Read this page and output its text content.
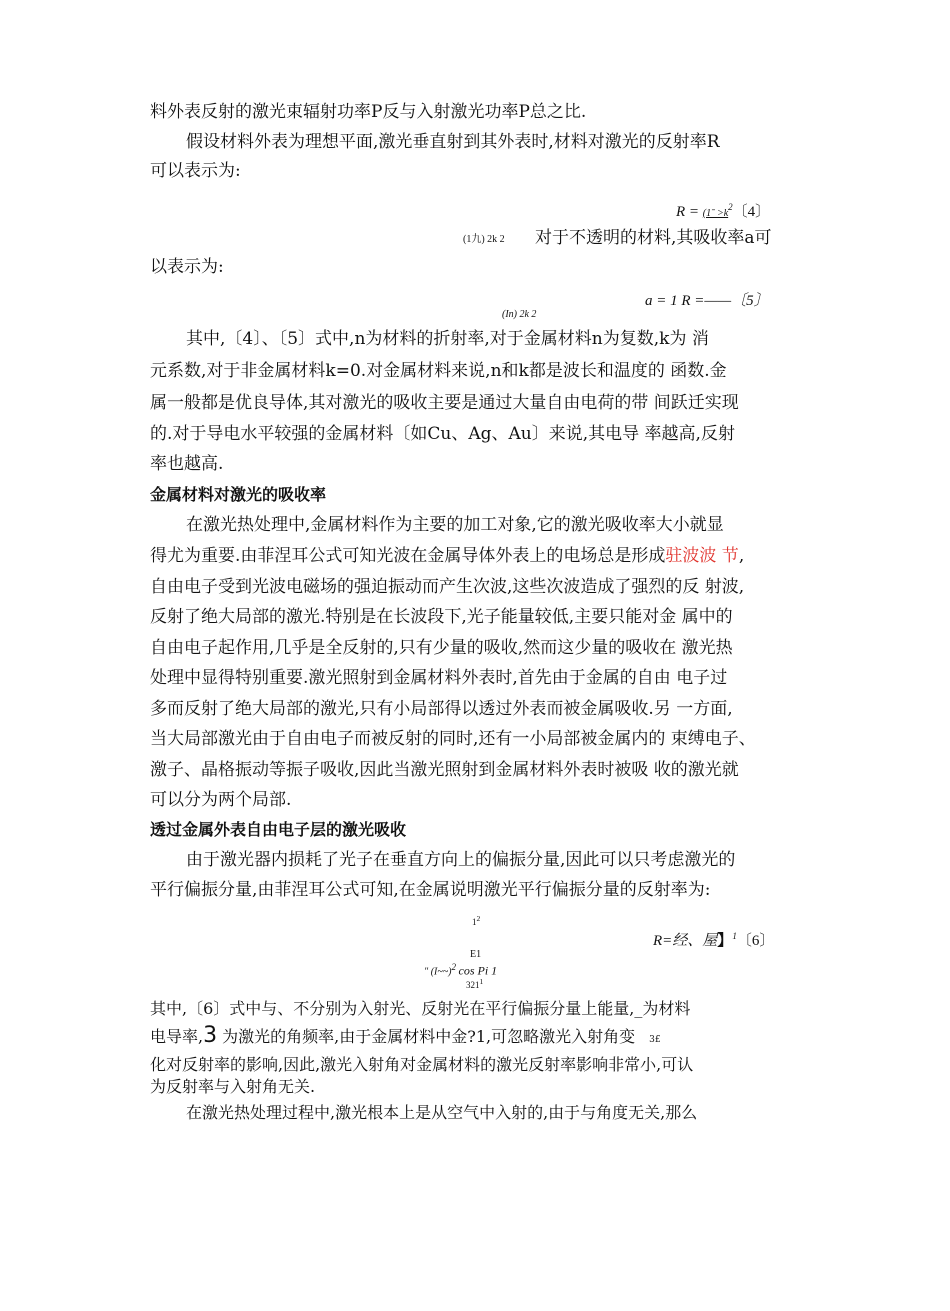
料外表反射的激光束辐射功率P反与入射激光功率P总之比.
假设材料外表为理想平面,激光垂直射到其外表时,材料对激光的反射率R
可以表示为:
R = (1ˉ $>k^2$〔4〕
(1九) 2k 2 对于不透明的材料,其吸收率a可
以表示为:
a = 1 R =——〔5〕
(In) 2k 2
其中,〔4〕、〔5〕式中,n为材料的折射率,对于金属材料n为复数,k为 消
元系数,对于非金属材料k=0.对金属材料来说,n和k都是波长和温度的 函数.金
属一般都是优良导体,其对激光的吸收主要是通过大量自由电荷的带 间跃迁实现
的.对于导电水平较强的金属材料〔如Cu、Ag、Au〕来说,其电导 率越高,反射
率也越高.
金属材料对激光的吸收率
在激光热处理中,金属材料作为主要的加工对象,它的激光吸收率大小就显
得尤为重要.由菲涅耳公式可知光波在金属导体外表上的电场总是形成驻波波 节,
自由电子受到光波电磁场的强迫振动而产生次波,这些次波造成了强烈的反 射波,
反射了绝大局部的激光.特别是在长波段下,光子能量较低,主要只能对金 属中的
自由电子起作用,几乎是全反射的,只有少量的吸收,然而这少量的吸收在 激光热
处理中显得特别重要.激光照射到金属材料外表时,首先由于金属的自由 电子过
多而反射了绝大局部的激光,只有小局部得以透过外表而被金属吸收.另 一方面,
当大局部激光由于自由电子而被反射的同时,还有一小局部被金属内的 束缚电子、
激子、晶格振动等振子吸收,因此当激光照射到金属材料外表时被吸 收的激光就
可以分为两个局部.
透过金属外表自由电子层的激光吸收
由于激光器内损耗了光子在垂直方向上的偏振分量,因此可以只考虑激光的
平行偏振分量,由菲涅耳公式可知,在金属说明激光平行偏振分量的反射率为:
$1^2$
R=经、屋】$^1$〔6〕
E1
" (I~~)$^2$ cos Pi 1
$321^1$
其中,〔6〕式中与、不分别为入射光、反射光在平行偏振分量上能量,_为材料
电导率,3 为激光的角频率,由于金属材料中金?1,可忽略激光入射角变 3£
化对反射率的影响,因此,激光入射角对金属材料的激光反射率影响非常小,可认
为反射率与入射角无关.
在激光热处理过程中,激光根本上是从空气中入射的,由于与角度无关,那么
